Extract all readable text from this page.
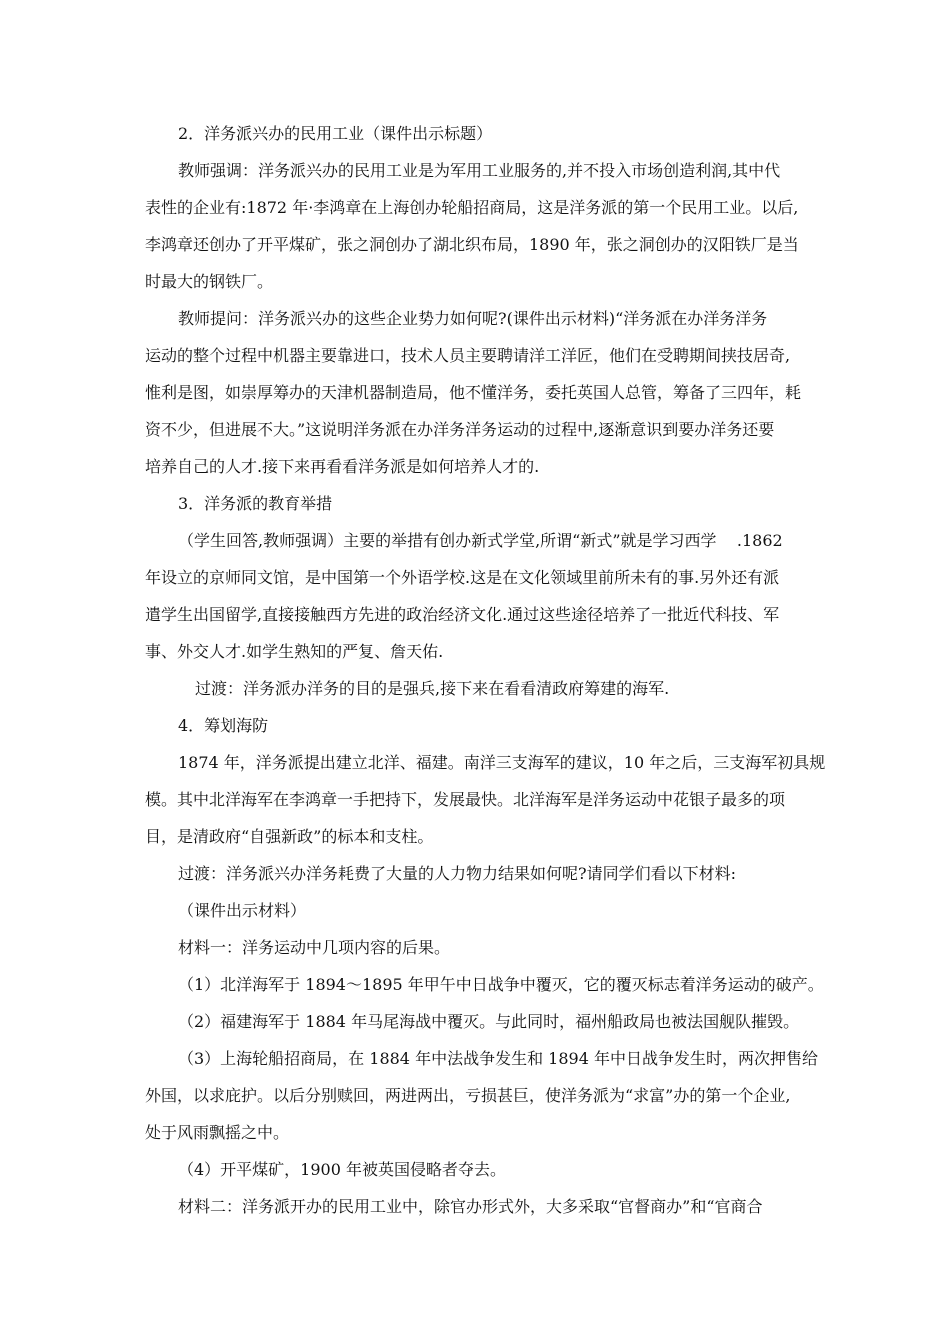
2．洋务派兴办的民用工业（课件出示标题）
教师强调：洋务派兴办的民用工业是为军用工业服务的,并不投入市场创造利润,其中代
表性的企业有:1872 年·李鸿章在上海创办轮船招商局，这是洋务派的第一个民用工业。以后,
李鸿章还创办了开平煤矿，张之洞创办了湖北织布局，1890 年，张之洞创办的汉阳铁厂是当
时最大的钢铁厂。
教师提问：洋务派兴办的这些企业势力如何呢?(课件出示材料)“洋务派在办洋务洋务
运动的整个过程中机器主要靠进口，技术人员主要聘请洋工洋匠，他们在受聘期间挟技居奇,
惟利是图，如崇厚筹办的天津机器制造局，他不懂洋务，委托英国人总管，筹备了三四年，耗
资不少，但进展不大。”这说明洋务派在办洋务洋务运动的过程中,逐渐意识到要办洋务还要
培养自己的人才.接下来再看看洋务派是如何培养人才的.
3．洋务派的教育举措
（学生回答,教师强调）主要的举措有创办新式学堂,所谓“新式”就是学习西学    .1862
年设立的京师同文馆，是中国第一个外语学校.这是在文化领域里前所未有的事.另外还有派
遣学生出国留学,直接接触西方先进的政治经济文化.通过这些途径培养了一批近代科技、军
事、外交人才.如学生熟知的严复、詹天佑.
过渡：洋务派办洋务的目的是强兵,接下来在看看清政府筹建的海军.
4．筹划海防
1874 年，洋务派提出建立北洋、福建。南洋三支海军的建议，10 年之后，三支海军初具规
模。其中北洋海军在李鸿章一手把持下，发展最快。北洋海军是洋务运动中花银子最多的项
目，是清政府“自强新政”的标本和支柱。
过渡：洋务派兴办洋务耗费了大量的人力物力结果如何呢?请同学们看以下材料:
（课件出示材料）
材料一：洋务运动中几项内容的后果。
（1）北洋海军于 1894～1895 年甲午中日战争中覆灭，它的覆灭标志着洋务运动的破产。
（2）福建海军于 1884 年马尾海战中覆灭。与此同时，福州船政局也被法国舰队摧毁。
（3）上海轮船招商局，在 1884 年中法战争发生和 1894 年中日战争发生时，两次押售给
外国，以求庇护。以后分别赎回，两进两出，亏损甚巨，使洋务派为“求富”办的第一个企业,
处于风雨飘摇之中。
（4）开平煤矿，1900 年被英国侵略者夺去。
材料二：洋务派开办的民用工业中，除官办形式外，大多采取“官督商办”和“官商合
